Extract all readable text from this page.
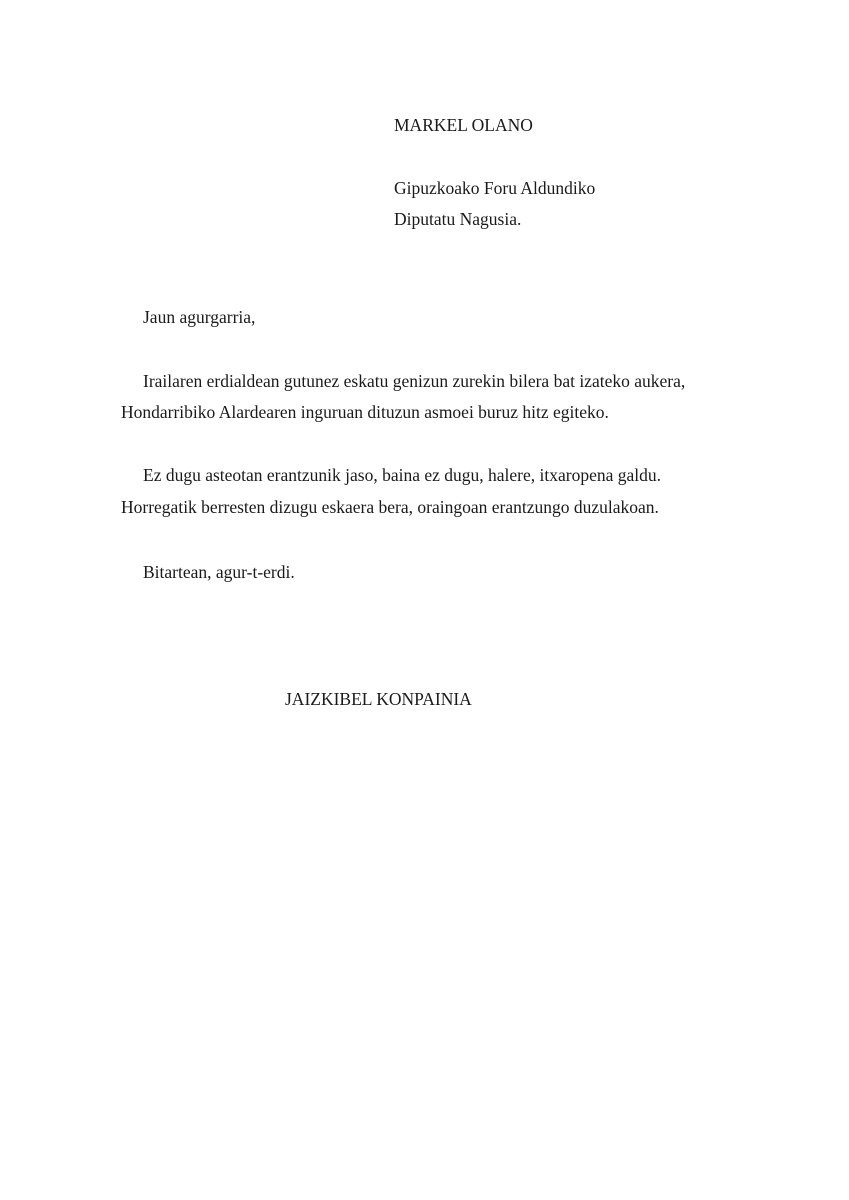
MARKEL OLANO
Gipuzkoako Foru Aldundiko
Diputatu Nagusia.
Jaun agurgarria,
Irailaren erdialdean gutunez eskatu genizun zurekin bilera bat izateko aukera,
Hondarribiko Alardearen inguruan dituzun asmoei buruz hitz egiteko.
Ez dugu asteotan erantzunik jaso, baina ez dugu, halere, itxaropena galdu.
Horregatik berresten dizugu eskaera bera, oraingoan erantzungo duzulakoan.
Bitartean, agur-t-erdi.
JAIZKIBEL KONPAINIA
